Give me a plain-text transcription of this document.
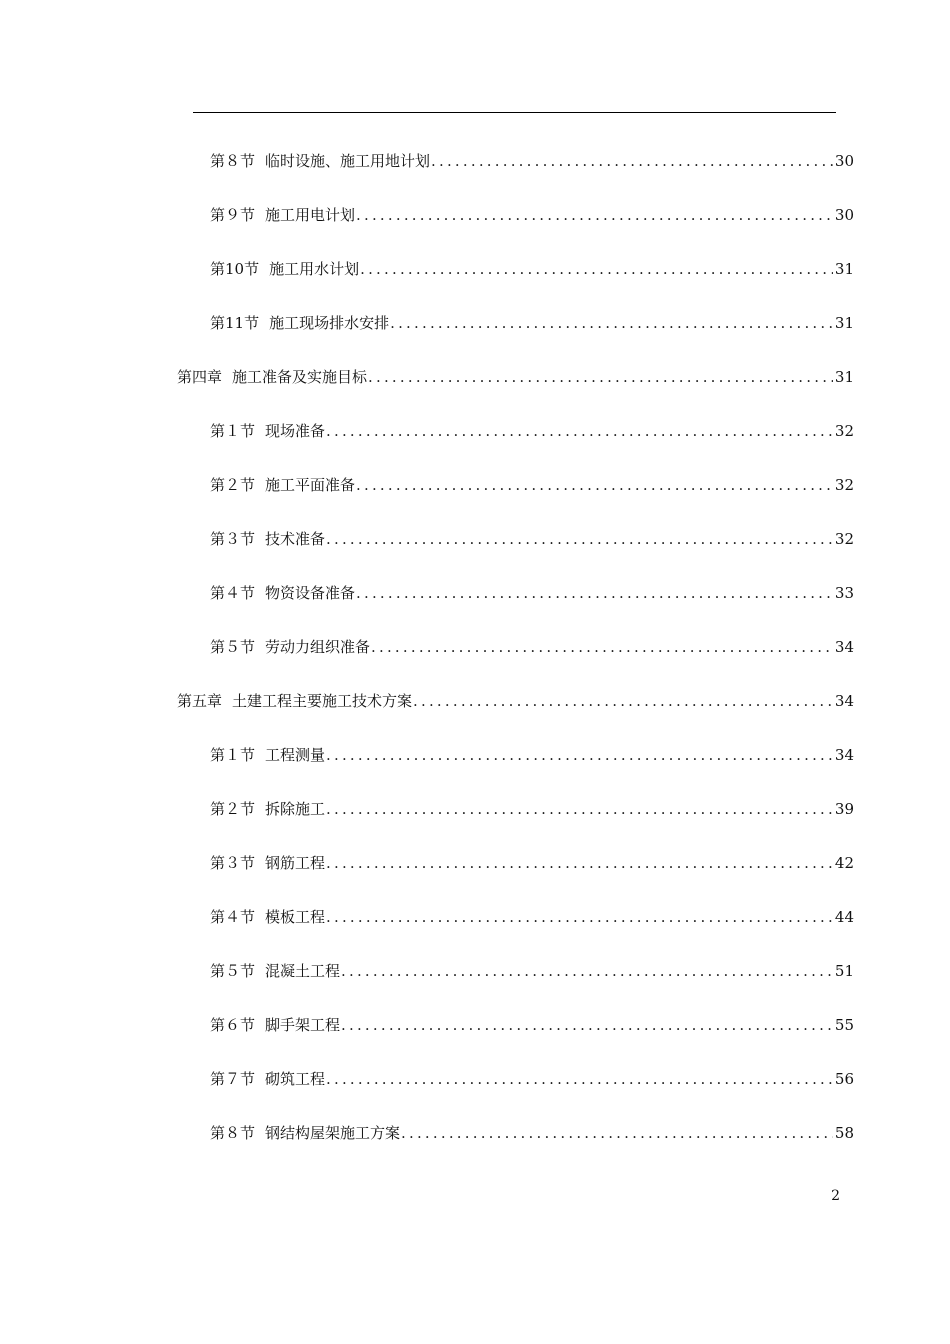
第８节 临时设施、施工用地计划 .....	30
第９节 施工用电计划 .....	30
第10节 施工用水计划 .....	31
第11节 施工现场排水安排 .....	31
第四章 施工准备及实施目标 .....	31
第１节 现场准备 .....	32
第２节 施工平面准备 .....	32
第３节 技术准备 .....	32
第４节 物资设备准备 .....	33
第５节 劳动力组织准备 .....	34
第五章 土建工程主要施工技术方案 .....	34
第１节 工程测量 .....	34
第２节 拆除施工 .....	39
第３节 钢筋工程 .....	42
第４节 模板工程 .....	44
第５节 混凝土工程 .....	51
第６节 脚手架工程 .....	55
第７节 砌筑工程 .....	56
第８节 钢结构屋架施工方案 .....	58
2
